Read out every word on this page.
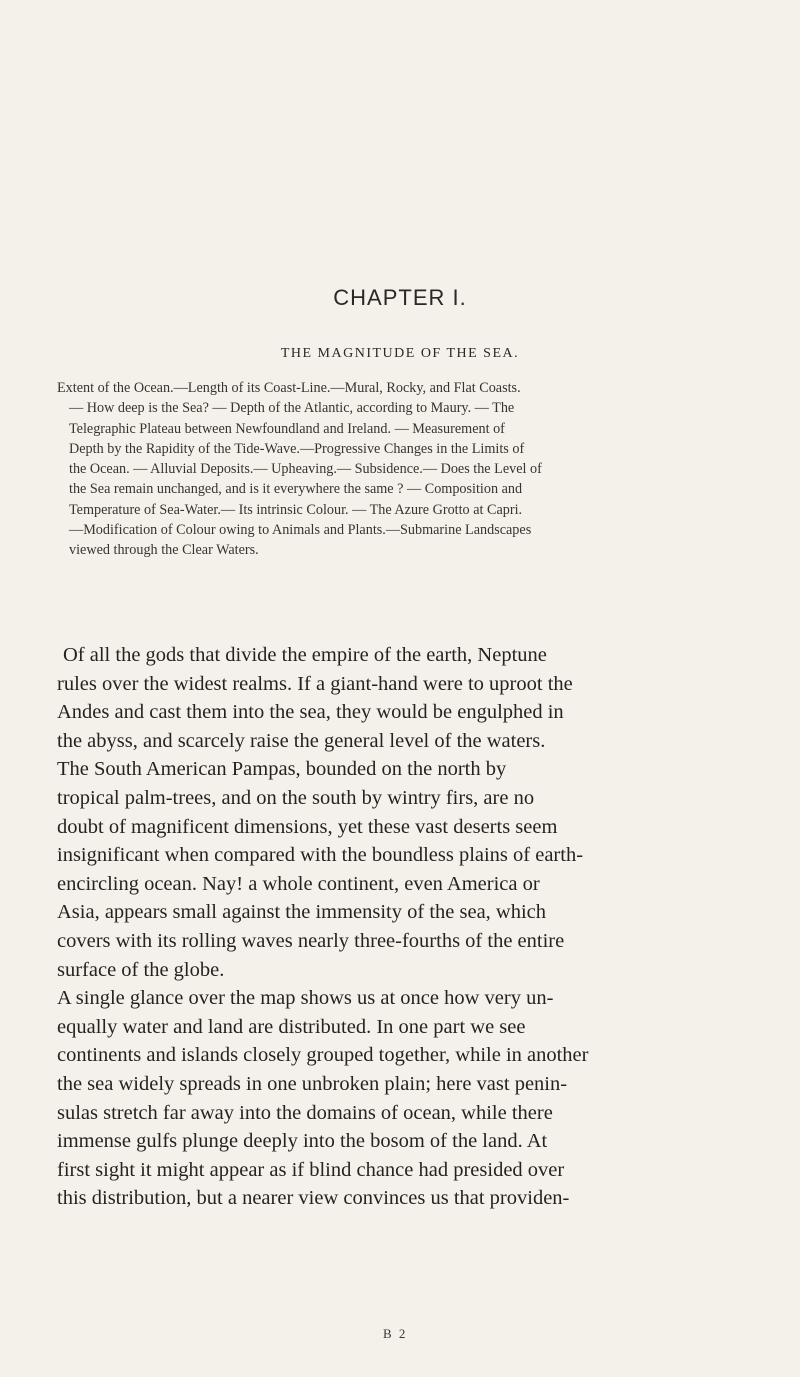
CHAPTER I.
THE MAGNITUDE OF THE SEA.
Extent of the Ocean.—Length of its Coast-Line.—Mural, Rocky, and Flat Coasts.
— How deep is the Sea? — Depth of the Atlantic, according to Maury. — The
Telegraphic Plateau between Newfoundland and Ireland. — Measurement of
Depth by the Rapidity of the Tide-Wave.—Progressive Changes in the Limits of
the Ocean. — Alluvial Deposits.— Upheaving.— Subsidence.— Does the Level of
the Sea remain unchanged, and is it everywhere the same ? — Composition and
Temperature of Sea-Water.— Its intrinsic Colour. — The Azure Grotto at Capri.
—Modification of Colour owing to Animals and Plants.—Submarine Landscapes
viewed through the Clear Waters.
Of all the gods that divide the empire of the earth, Neptune
rules over the widest realms. If a giant-hand were to uproot the
Andes and cast them into the sea, they would be engulphed in
the abyss, and scarcely raise the general level of the waters.
The South American Pampas, bounded on the north by
tropical palm-trees, and on the south by wintry firs, are no
doubt of magnificent dimensions, yet these vast deserts seem
insignificant when compared with the boundless plains of earth-
encircling ocean. Nay! a whole continent, even America or
Asia, appears small against the immensity of the sea, which
covers with its rolling waves nearly three-fourths of the entire
surface of the globe.
A single glance over the map shows us at once how very un-
equally water and land are distributed. In one part we see
continents and islands closely grouped together, while in another
the sea widely spreads in one unbroken plain; here vast penin-
sulas stretch far away into the domains of ocean, while there
immense gulfs plunge deeply into the bosom of the land. At
first sight it might appear as if blind chance had presided over
this distribution, but a nearer view convinces us that providen-
B 2
